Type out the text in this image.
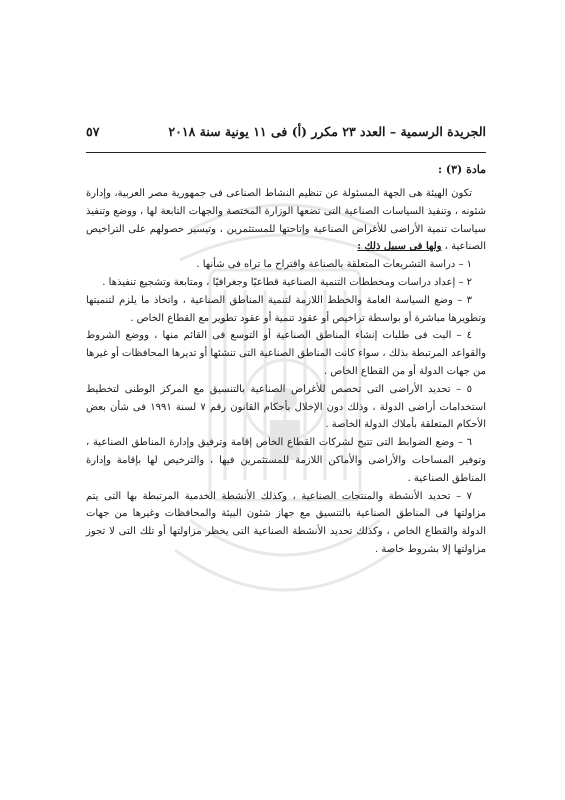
الجريدة الرسمية – العدد ٢٣ مكرر (أ) فى ١١ يونية سنة ٢٠١٨
٥٧
مادة (٣) :

تكون الهيئة هى الجهة المسئولة عن تنظيم النشاط الصناعى فى جمهورية مصر العربية، وإدارة شئونه ، وتنفيذ السياسات الصناعية التى تضعها الوزارة المختصة والجهات التابعة لها ، ووضع وتنفيذ سياسات تنمية الأراضى للأغراض الصناعية وإتاحتها للمستثمرين ، وتيسير حصولهم على التراخيص الصناعية ، ولها فى سبيل ذلك :

١ – دراسة التشريعات المتعلقة بالصناعة واقتراح ما تراه فى شأنها .

٢ – إعداد دراسات ومخططات التنمية الصناعية قطاعيًا وجغرافيًا ، ومتابعة وتشجيع تنفيذها .

٣ – وضع السياسة العامة والخطط اللازمة لتنمية المناطق الصناعية ، واتخاذ ما يلزم لتنميتها وتطويرها مباشرة أو بواسطة تراخيص أو عقود تنمية أو عقود تطوير مع القطاع الخاص .

٤ – البت فى طلبات إنشاء المناطق الصناعية أو التوسع فى القائم منها ، ووضع الشروط والقواعد المرتبطة بذلك ، سواء كانت المناطق الصناعية التى تنشئها أو تديرها المحافظات أو غيرها من جهات الدولة أو من القطاع الخاص .

٥ – تحديد الأراضى التى تخصص للأغراض الصناعية بالتنسيق مع المركز الوطنى لتخطيط استخدامات أراضى الدولة ، وذلك دون الإخلال بأحكام القانون رقم ٧ لسنة ١٩٩١ فى شأن بعض الأحكام المتعلقة بأملاك الدولة الخاصة .

٦ – وضع الضوابط التى تتيح لشركات القطاع الخاص إقامة وترفيق وإدارة المناطق الصناعية ، وتوفير المساحات والأراضى والأماكن اللازمة للمستثمرين فيها ، والترخيص لها بإقامة وإدارة المناطق الصناعية .

٧ – تحديد الأنشطة والمنتجات الصناعية ، وكذلك الأنشطة الخدمية المرتبطة بها التى يتم مزاولتها فى المناطق الصناعية بالتنسيق مع جهاز شئون البيئة والمحافظات وغيرها من جهات الدولة والقطاع الخاص ، وكذلك تحديد الأنشطة الصناعية التى يحظر مزاولتها أو تلك التى لا تجوز مزاولتها إلا بشروط خاصة .
